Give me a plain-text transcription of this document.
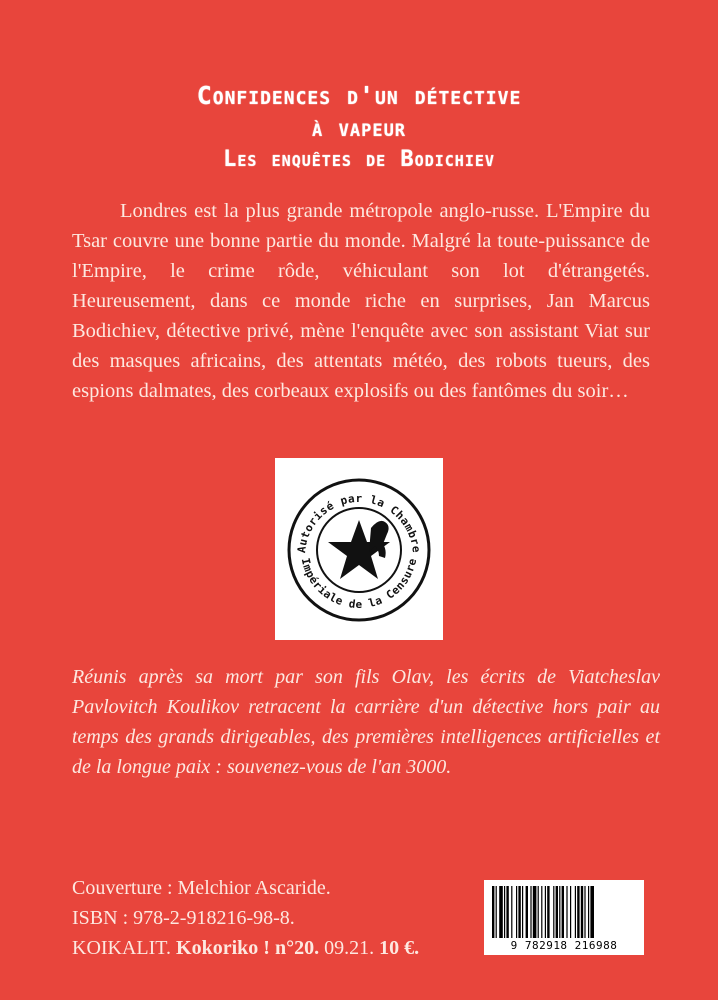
Confidences d'un détective
à vapeur
Les enquêtes de Bodichiev

Londres est la plus grande métropole anglo-russe. L'Empire du Tsar couvre une bonne partie du monde. Malgré la toute-puissance de l'Empire, le crime rôde, véhiculant son lot d'étrangetés. Heureusement, dans ce monde riche en surprises, Jan Marcus Bodichiev, détective privé, mène l'enquête avec son assistant Viat sur des masques africains, des attentats météo, des robots tueurs, des espions dalmates, des corbeaux explosifs ou des fantômes du soir…

Autorisé par la Chambre
Impériale de la Censure

Réunis après sa mort par son fils Olav, les écrits de Viatcheslav Pavlovitch Koulikov retracent la carrière d'un détective hors pair au temps des grands dirigeables, des premières intelligences artificielles et de la longue paix : souvenez-vous de l'an 3000.

Couverture : Melchior Ascaride.
ISBN : 978-2-918216-98-8.
KOIKALIT. Kokoriko ! n°20. 09.21. 10 €.	9 782918 216988
